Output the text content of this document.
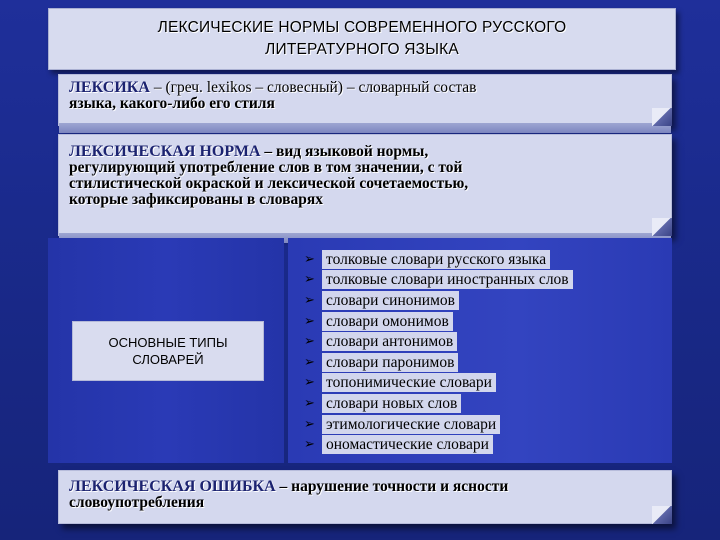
ЛЕКСИЧЕСКИЕ НОРМЫ СОВРЕМЕННОГО РУССКОГО
ЛИТЕРАТУРНОГО ЯЗЫКА
ЛЕКСИКА – (греч. lexikos – словесный) – словарный состав
языка, какого-либо его стиля
ЛЕКСИЧЕСКАЯ НОРМА – вид языковой нормы,
регулирующий употребление слов в том значении, с той
стилистической окраской и лексической сочетаемостью,
которые зафиксированы в словарях
ОСНОВНЫЕ ТИПЫ
СЛОВАРЕЙ
➢ толковые словари русского языка
➢ толковые словари иностранных слов
➢ словари синонимов
➢ словари омонимов
➢ словари антонимов
➢ словари паронимов
➢ топонимические словари
➢ словари новых слов
➢ этимологические словари
➢ ономастические словари
ЛЕКСИЧЕСКАЯ ОШИБКА – нарушение точности и ясности
словоупотребления
